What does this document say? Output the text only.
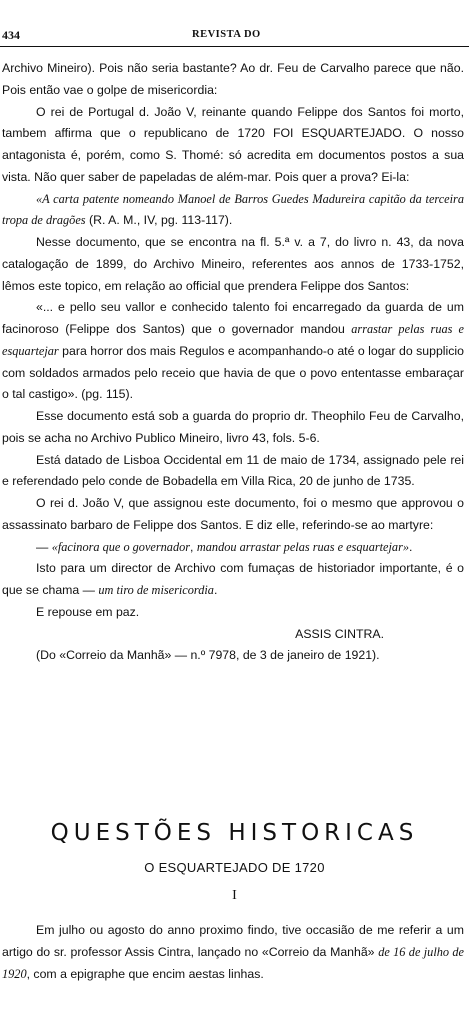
434	REVISTA DO

Archivo Mineiro). Pois não seria bastante? Ao dr. Feu de Carvalho parece que não. Pois então vae o golpe de misericordia:

O rei de Portugal d. João V, reinante quando Felippe dos Santos foi morto, tambem affirma que o republicano de 1720 FOI ESQUARTEJADO. O nosso antagonista é, porém, como S. Thomé: só acredita em documentos postos a sua vista. Não quer saber de papeladas de além-mar. Pois quer a prova? Ei-la:

«A carta patente nomeando Manoel de Barros Guedes Madureira capitão da terceira tropa de dragões (R. A. M., IV, pg. 113-117).

Nesse documento, que se encontra na fl. 5.ª v. a 7, do livro n. 43, da nova catalogação de 1899, do Archivo Mineiro, referentes aos annos de 1733-1752, lêmos este topico, em relação ao official que prendera Felippe dos Santos:

«... e pello seu vallor e conhecido talento foi encarregado da guarda de um facinoroso (Felippe dos Santos) que o governador mandou arrastar pelas ruas e esquartejar para horror dos mais Regulos e acompanhando-o até o logar do supplicio com soldados armados pelo receio que havia de que o povo ententasse embaraçar o tal castigo». (pg. 115).

Esse documento está sob a guarda do proprio dr. Theophilo Feu de Carvalho, pois se acha no Archivo Publico Mineiro, livro 43, fols. 5-6.

Está datado de Lisboa Occidental em 11 de maio de 1734, assignado pele rei e referendado pelo conde de Bobadella em Villa Rica, 20 de junho de 1735.

O rei d. João V, que assignou este documento, foi o mesmo que approvou o assassinato barbaro de Felippe dos Santos. E diz elle, referindo-se ao martyre:

— «facinora que o governador, mandou arrastar pelas ruas e esquartejar».

Isto para um director de Archivo com fumaças de historiador importante, é o que se chama — um tiro de misericordia.

E repouse em paz.

ASSIS CINTRA.

(Do «Correio da Manhã» — n.º 7978, de 3 de janeiro de 1921).

QUESTÕES HISTORICAS
O ESQUARTEJADO DE 1720
I

Em julho ou agosto do anno proximo findo, tive occasião de me referir a um artigo do sr. professor Assis Cintra, lançado no «Correio da Manhã» de 16 de julho de 1920, com a epigraphe que encim aestas linhas.
